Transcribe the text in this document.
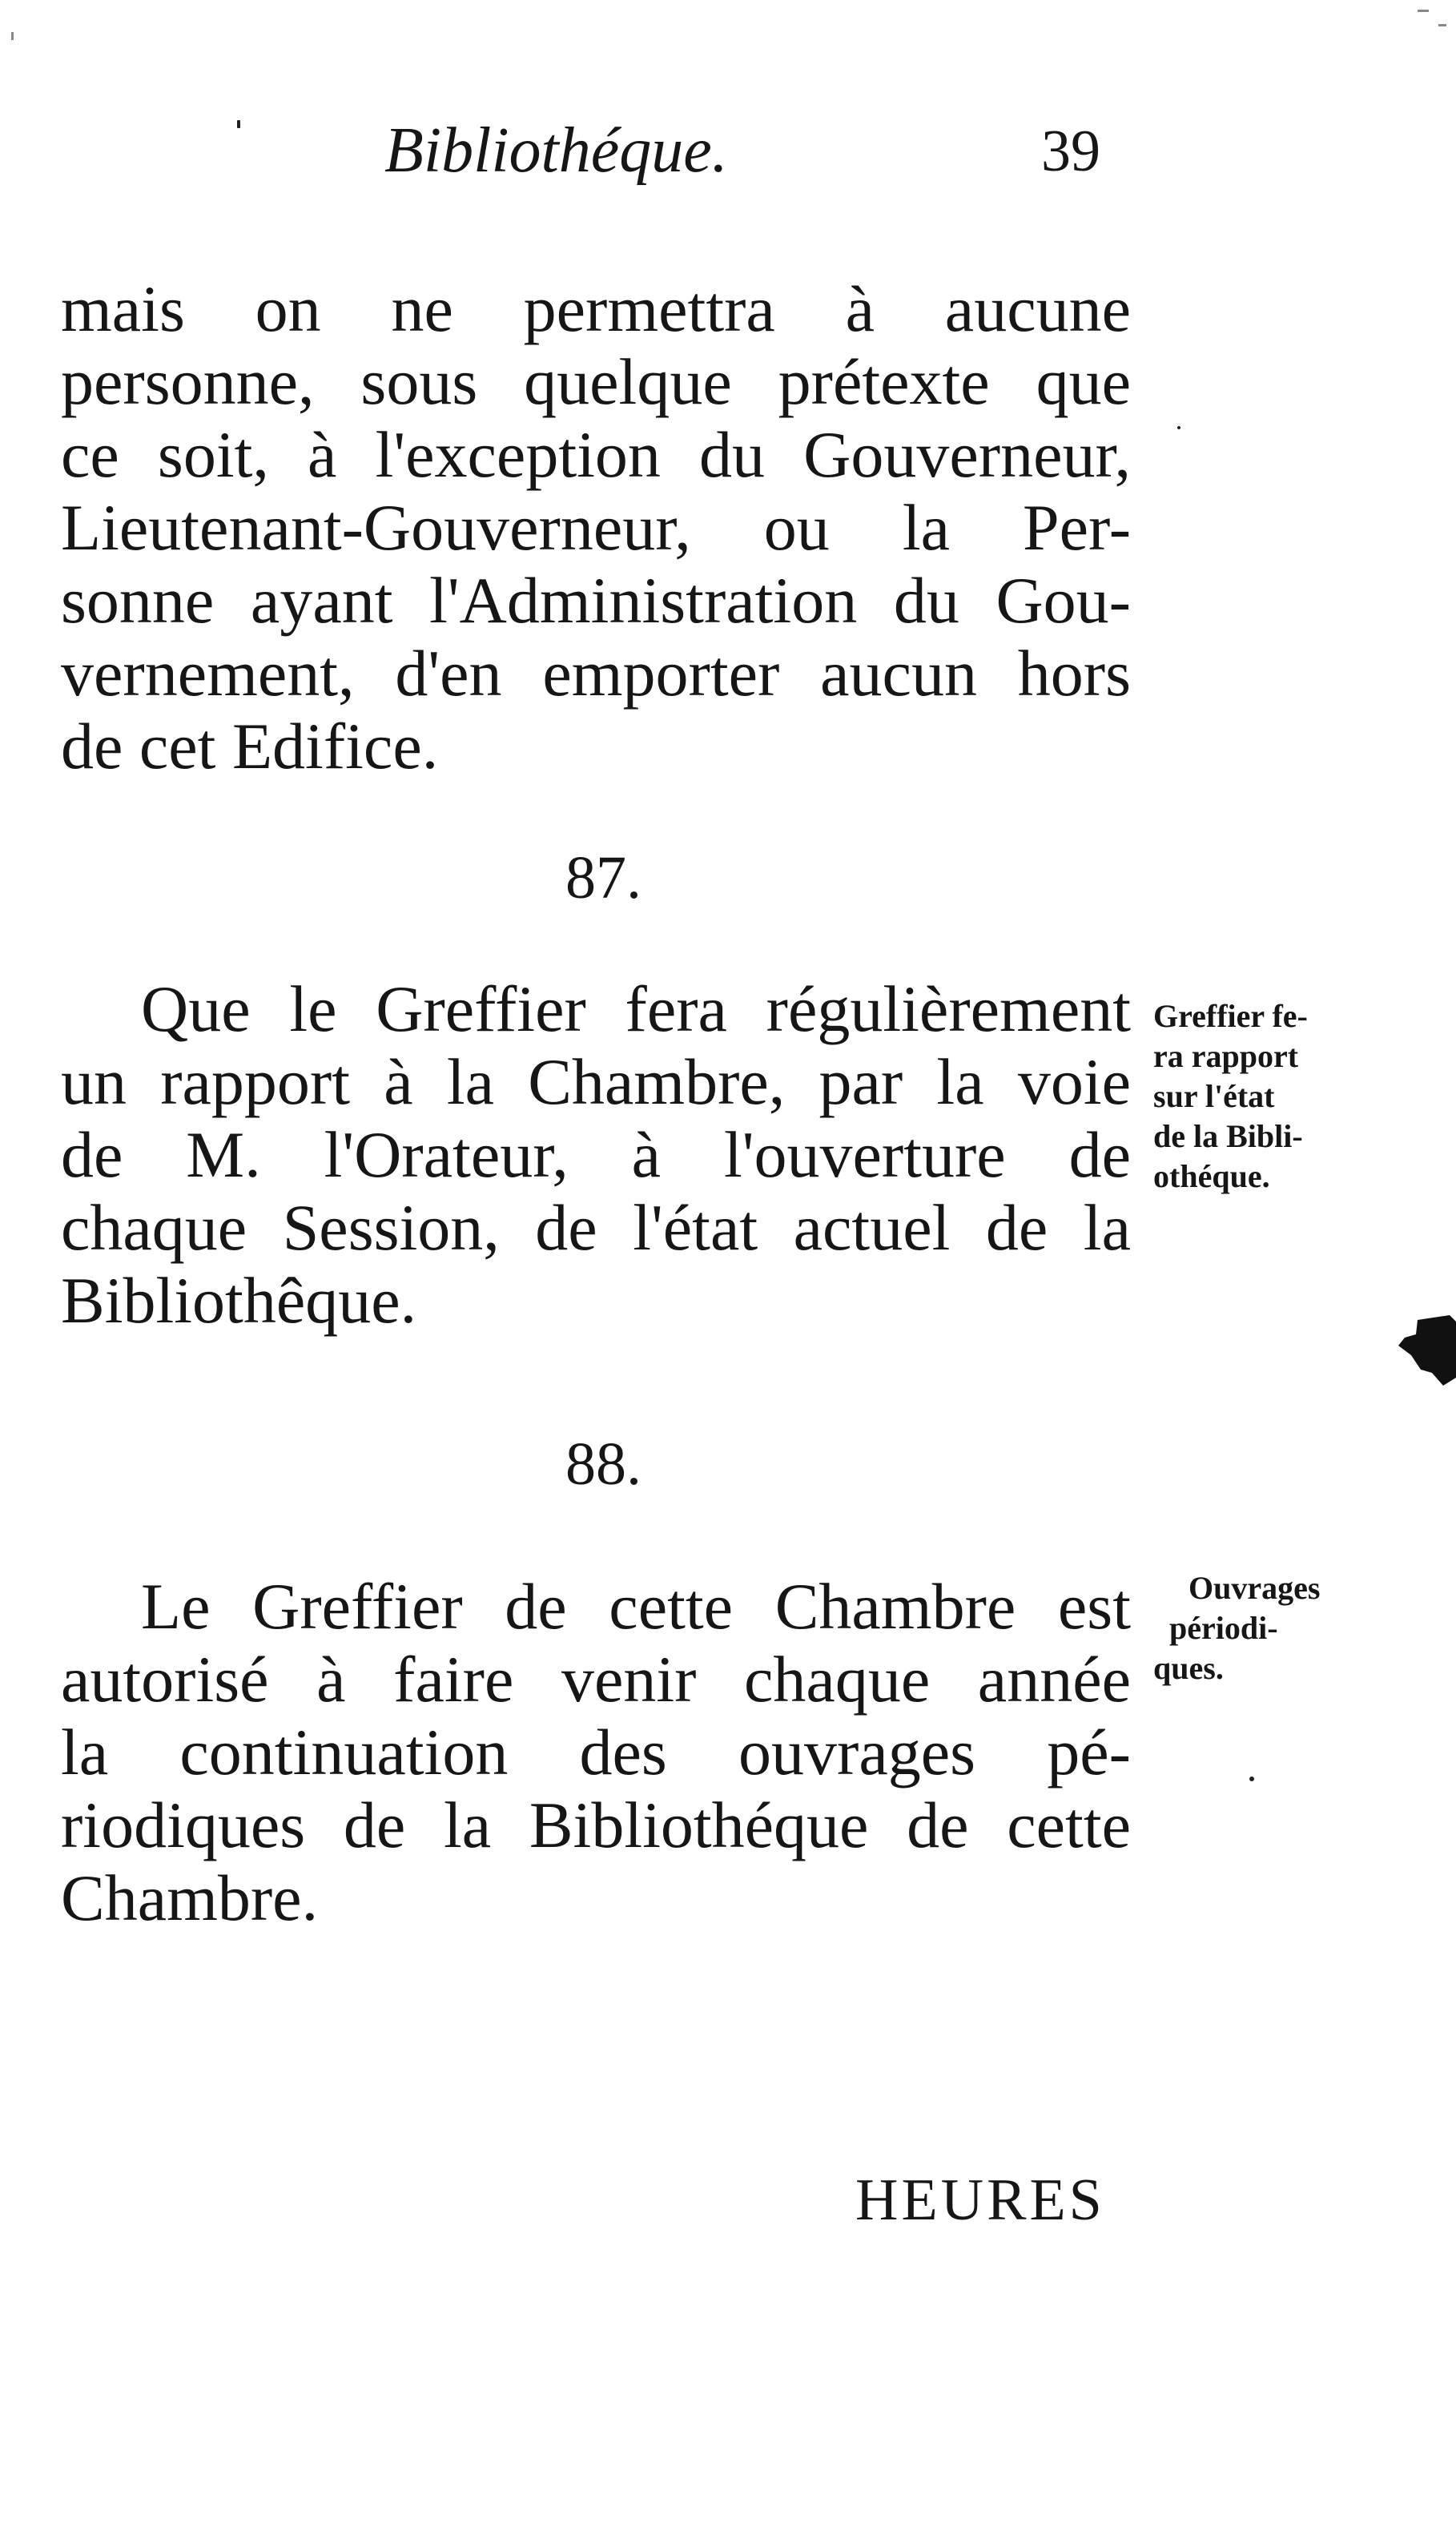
Bibliothéque.	39
mais on ne permettra à aucune
personne, sous quelque prétexte que
ce soit, à l'exception du Gouverneur,
Lieutenant-Gouverneur, ou la Per-
sonne ayant l'Administration du Gou-
vernement, d'en emporter aucun hors
de cet Edifice.
87.
Que le Greffier fera régulièrement
un rapport à la Chambre, par la voie
de M. l'Orateur, à l'ouverture de
chaque Session, de l'état actuel de la
Bibliothêque.
Greffier fe-
ra rapport
sur l'état
de la Bibli-
othéque.
88.
Le Greffier de cette Chambre est
autorisé à faire venir chaque année
la continuation des ouvrages pé-
riodiques de la Bibliothéque de cette
Chambre.
Ouvrages
périodi-
ques.
HEURES
